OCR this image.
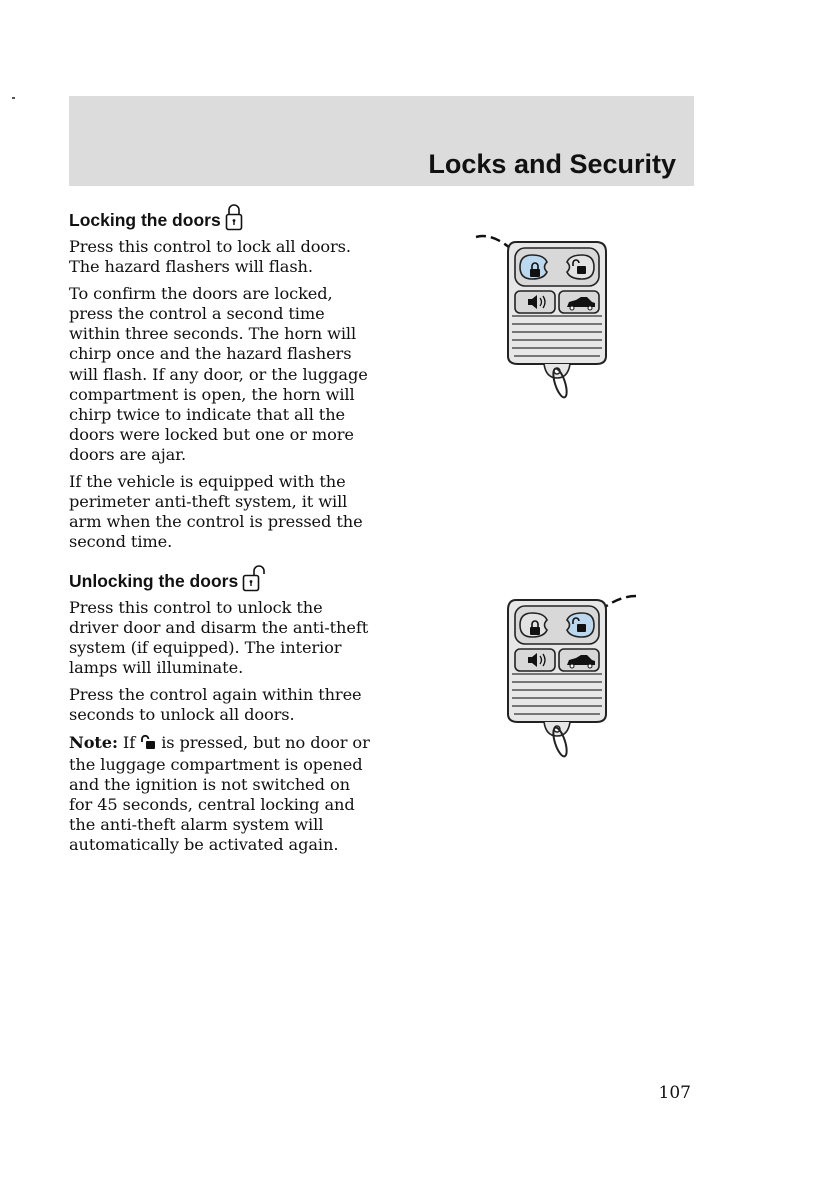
Locks and Security
Locking the doors

Press this control to lock all doors. The hazard flashers will flash.

To confirm the doors are locked, press the control a second time within three seconds. The horn will chirp once and the hazard flashers will flash. If any door, or the luggage compartment is open, the horn will chirp twice to indicate that all the doors were locked but one or more doors are ajar.

If the vehicle is equipped with the perimeter anti-theft system, it will arm when the control is pressed the second time.

Unlocking the doors

Press this control to unlock the driver door and disarm the anti-theft system (if equipped). The interior lamps will illuminate.

Press the control again within three seconds to unlock all doors.

Note: If is pressed, but no door or the luggage compartment is opened and the ignition is not switched on for 45 seconds, central locking and the anti-theft alarm system will automatically be activated again.

107
